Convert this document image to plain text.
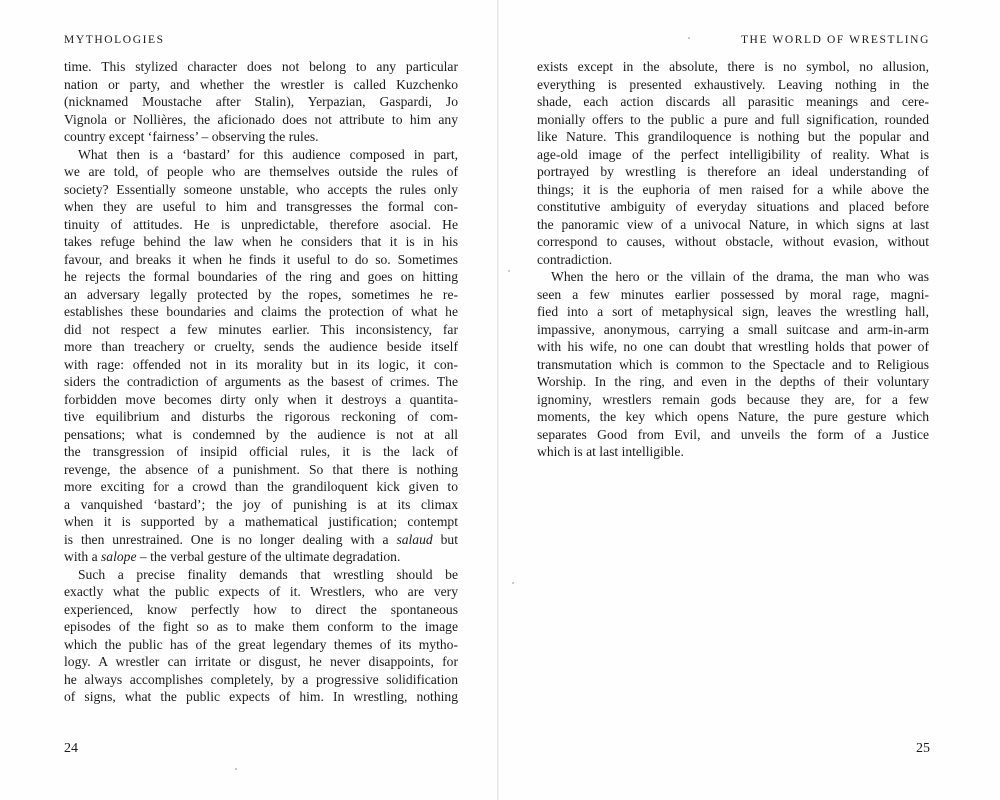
MYTHOLOGIES
time. This stylized character does not belong to any particular
nation or party, and whether the wrestler is called Kuzchenko
(nicknamed Moustache after Stalin), Yerpazian, Gaspardi, Jo
Vignola or Nollières, the aficionado does not attribute to him any
country except ‘fairness’ – observing the rules.
What then is a ‘bastard’ for this audience composed in part,
we are told, of people who are themselves outside the rules of
society? Essentially someone unstable, who accepts the rules only
when they are useful to him and transgresses the formal con-
tinuity of attitudes. He is unpredictable, therefore asocial. He
takes refuge behind the law when he considers that it is in his
favour, and breaks it when he finds it useful to do so. Sometimes
he rejects the formal boundaries of the ring and goes on hitting
an adversary legally protected by the ropes, sometimes he re-
establishes these boundaries and claims the protection of what he
did not respect a few minutes earlier. This inconsistency, far
more than treachery or cruelty, sends the audience beside itself
with rage: offended not in its morality but in its logic, it con-
siders the contradiction of arguments as the basest of crimes. The
forbidden move becomes dirty only when it destroys a quantita-
tive equilibrium and disturbs the rigorous reckoning of com-
pensations; what is condemned by the audience is not at all
the transgression of insipid official rules, it is the lack of
revenge, the absence of a punishment. So that there is nothing
more exciting for a crowd than the grandiloquent kick given to
a vanquished ‘bastard’; the joy of punishing is at its climax
when it is supported by a mathematical justification; contempt
is then unrestrained. One is no longer dealing with a salaud but
with a salope – the verbal gesture of the ultimate degradation.
Such a precise finality demands that wrestling should be
exactly what the public expects of it. Wrestlers, who are very
experienced, know perfectly how to direct the spontaneous
episodes of the fight so as to make them conform to the image
which the public has of the great legendary themes of its mytho-
logy. A wrestler can irritate or disgust, he never disappoints, for
he always accomplishes completely, by a progressive solidification
of signs, what the public expects of him. In wrestling, nothing
24
THE WORLD OF WRESTLING
exists except in the absolute, there is no symbol, no allusion,
everything is presented exhaustively. Leaving nothing in the
shade, each action discards all parasitic meanings and cere-
monially offers to the public a pure and full signification, rounded
like Nature. This grandiloquence is nothing but the popular and
age-old image of the perfect intelligibility of reality. What is
portrayed by wrestling is therefore an ideal understanding of
things; it is the euphoria of men raised for a while above the
constitutive ambiguity of everyday situations and placed before
the panoramic view of a univocal Nature, in which signs at last
correspond to causes, without obstacle, without evasion, without
contradiction.
When the hero or the villain of the drama, the man who was
seen a few minutes earlier possessed by moral rage, magni-
fied into a sort of metaphysical sign, leaves the wrestling hall,
impassive, anonymous, carrying a small suitcase and arm-in-arm
with his wife, no one can doubt that wrestling holds that power of
transmutation which is common to the Spectacle and to Religious
Worship. In the ring, and even in the depths of their voluntary
ignominy, wrestlers remain gods because they are, for a few
moments, the key which opens Nature, the pure gesture which
separates Good from Evil, and unveils the form of a Justice
which is at last intelligible.
25
